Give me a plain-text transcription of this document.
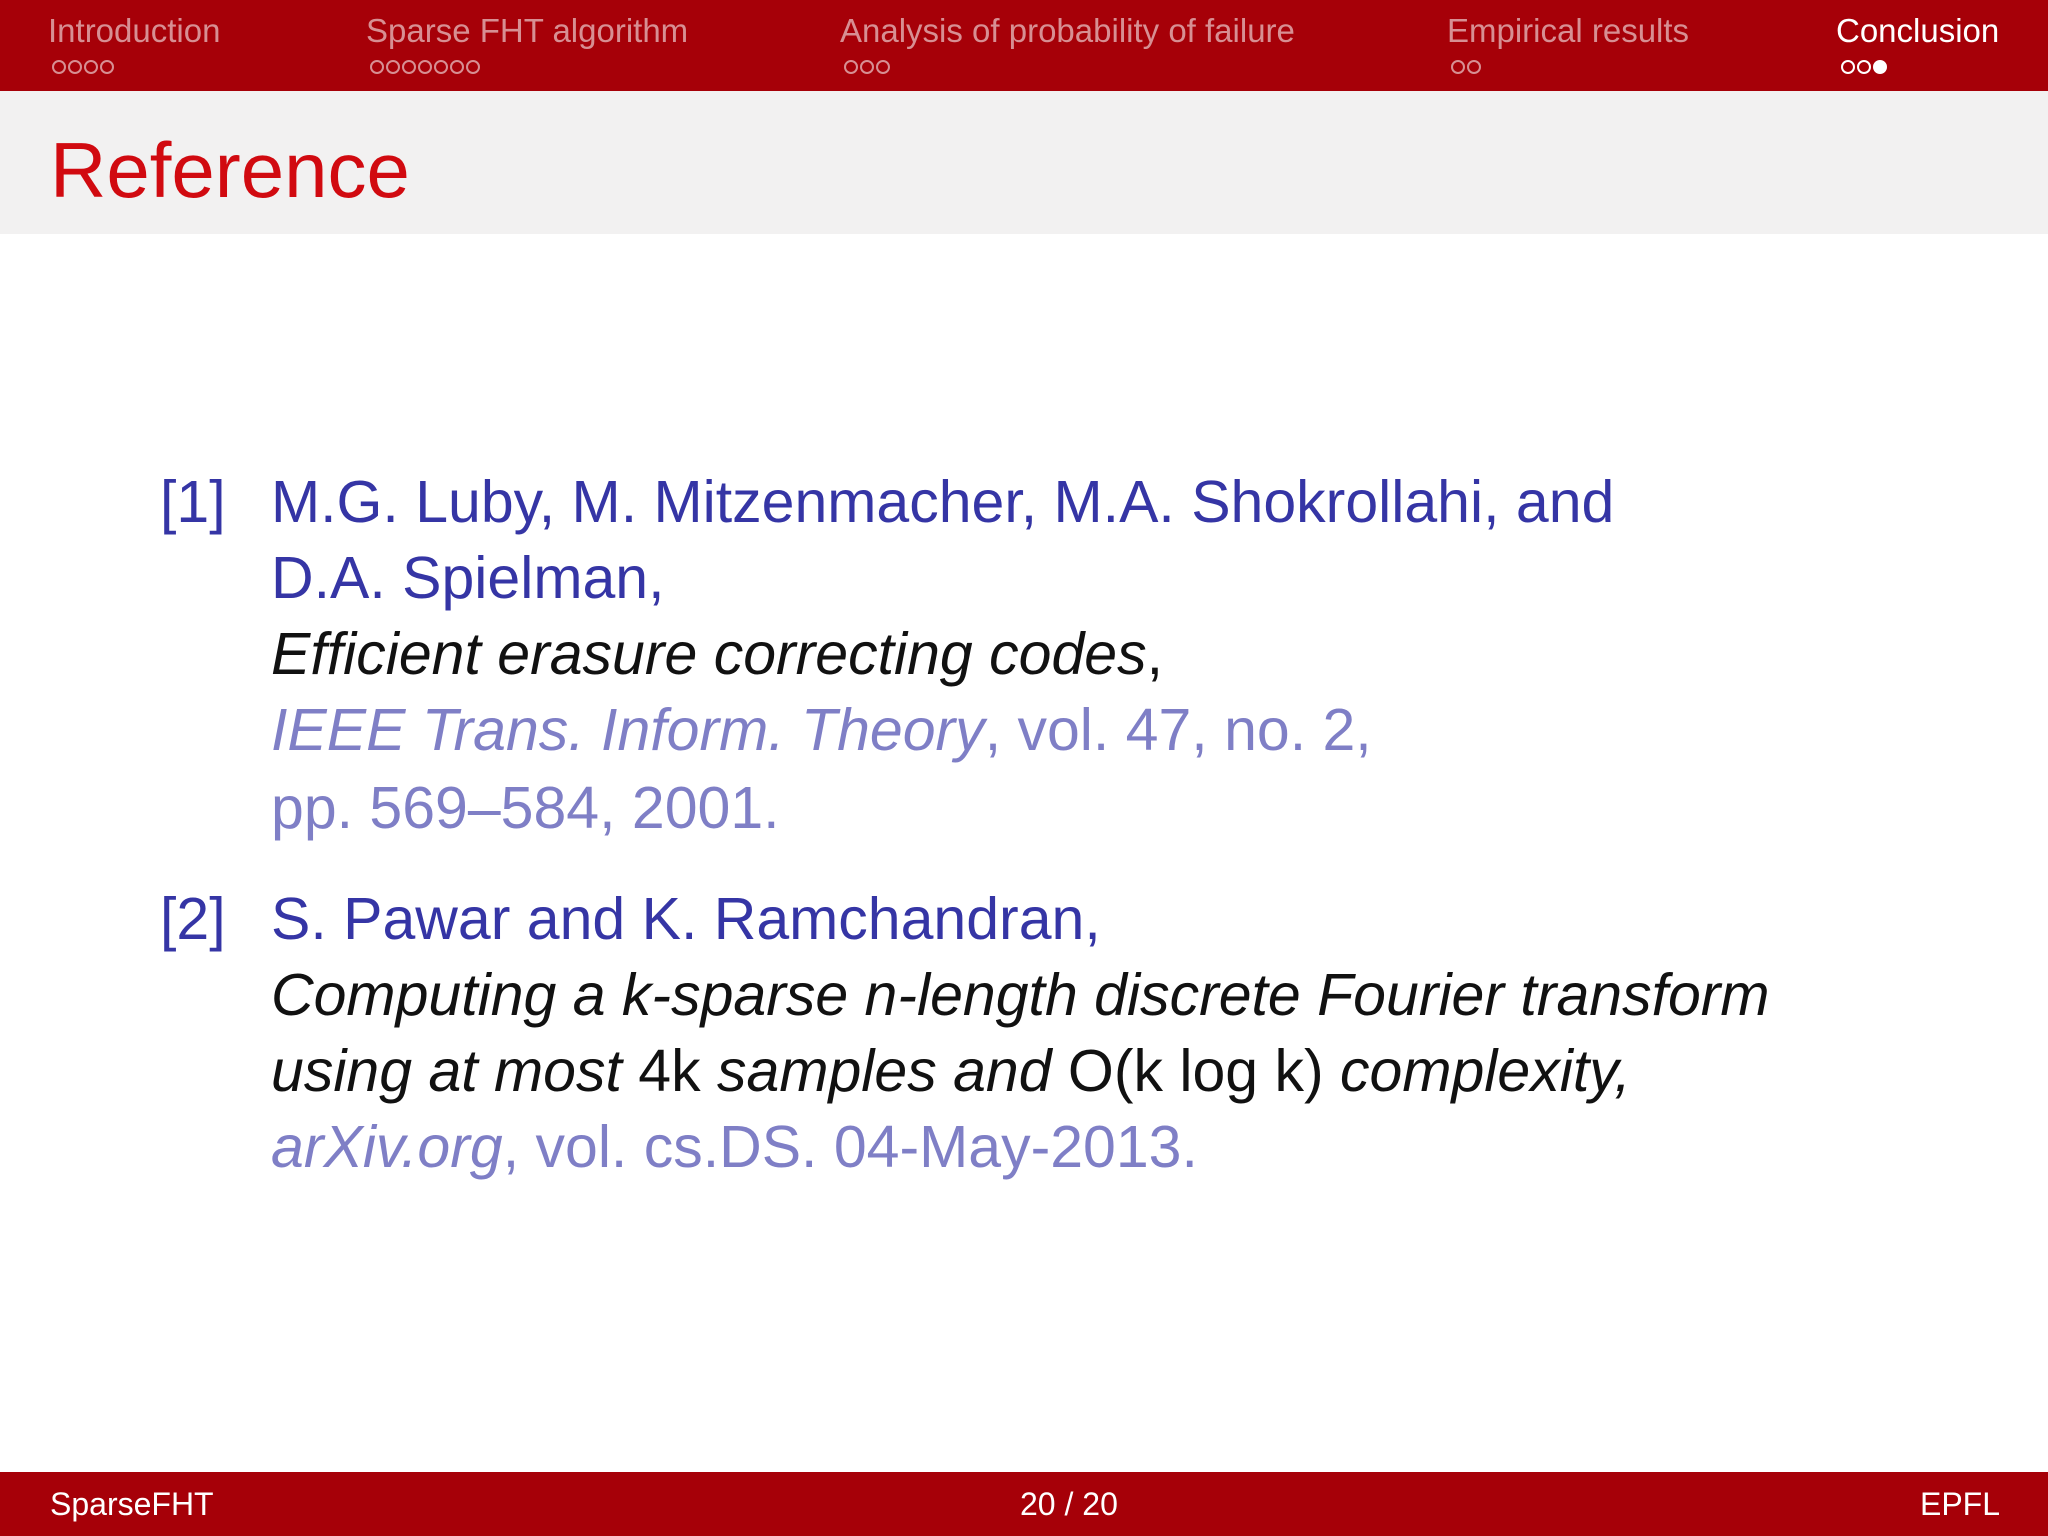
Introduction	Sparse FHT algorithm	Analysis of probability of failure	Empirical results	Conclusion
Reference
[1] M.G. Luby, M. Mitzenmacher, M.A. Shokrollahi, and
D.A. Spielman,
Efficient erasure correcting codes,
IEEE Trans. Inform. Theory, vol. 47, no. 2,
pp. 569–584, 2001.
[2] S. Pawar and K. Ramchandran,
Computing a k-sparse n-length discrete Fourier transform
using at most 4k samples and O(k log k) complexity,
arXiv.org, vol. cs.DS. 04-May-2013.
SparseFHT	20 / 20	EPFL
